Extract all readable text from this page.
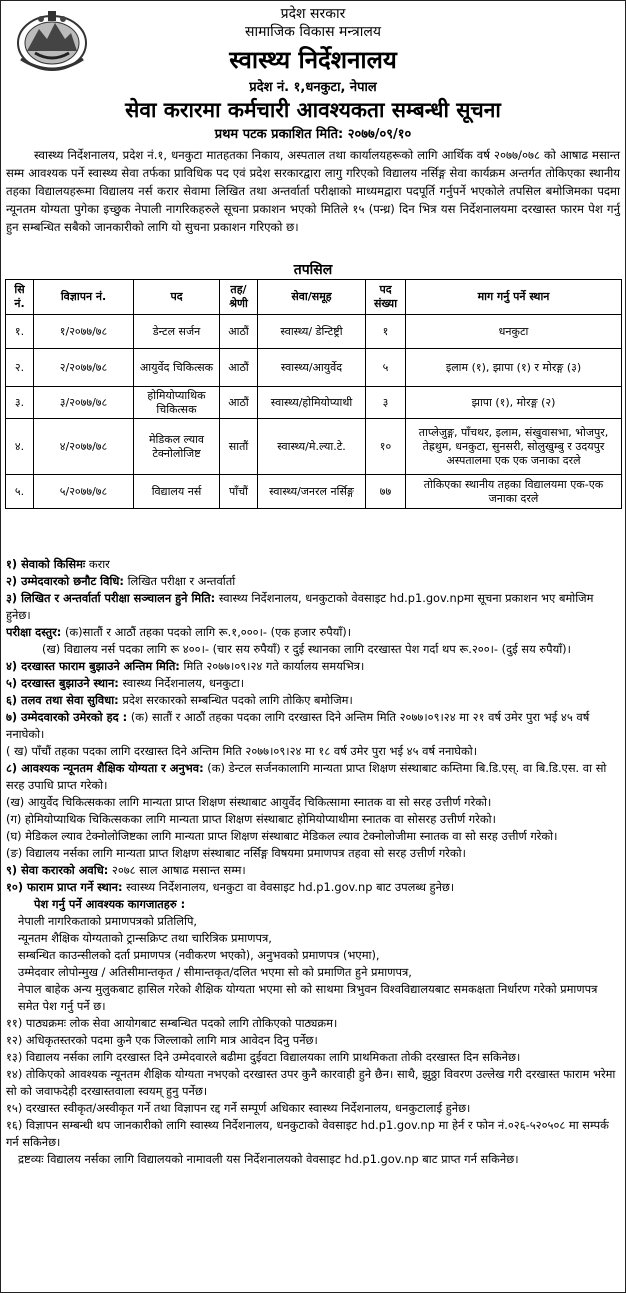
प्रदेश सरकार
सामाजिक विकास मन्त्रालय
स्वास्थ्य निर्देशनालय
प्रदेश नं. १,धनकुटा, नेपाल
सेवा करारमा कर्मचारी आवश्यकता सम्बन्धी सूचना
प्रथम पटक प्रकाशित मिति: २०७७/०९/१०
स्वास्थ्य निर्देशनालय, प्रदेश नं.१, धनकुटा मातहतका निकाय, अस्पताल तथा कार्यालयहरूको लागि आर्थिक वर्ष २०७७/०७८ को आषाढ मसान्त सम्म आवश्यक पर्ने स्वास्थ्य सेवा तर्फका प्राविधिक पद एवं प्रदेश सरकारद्वारा लागु गरिएको विद्यालय नर्सिङ्ग सेवा कार्यक्रम अन्तर्गत तोकिएका स्थानीय तहका विद्यालयहरूमा विद्यालय नर्स करार सेवामा लिखित तथा अन्तर्वार्ता परीक्षाको माध्यमद्वारा पदपूर्ति गर्नुपर्ने भएकोले तपसिल बमोजिमका पदमा न्यूनतम योग्यता पुगेका इच्छुक नेपाली नागरिकहरुले सूचना प्रकाशन भएको मितिले १५ (पन्ध्र) दिन भित्र यस निर्देशनालयमा दरखास्त फारम पेश गर्नु हुन सम्बन्धित सबैको जानकारीको लागि यो सुचना प्रकाशन गरिएको छ।
तपसिल
सि नं.	विज्ञापन नं.	पद	तह/ श्रेणी	सेवा/समूह	पद संख्या	माग गर्नु पर्ने स्थान
१.	१/२०७७/७८	डेन्टल सर्जन	आठौं	स्वास्थ्य/ डेन्टिष्ट्री	१	धनकुटा
२.	२/२०७७/७८	आयुर्वेद चिकित्सक	आठौं	स्वास्थ्य/आयुर्वेद	५	इलाम (१), झापा (१) र मोरङ्ग (३)
३.	३/२०७७/७८	होमियोप्याथिक चिकित्सक	आठौं	स्वास्थ्य/होमियोप्याथी	३	झापा (१), मोरङ्ग (२)
४.	४/२०७७/७८	मेडिकल ल्याव टेक्नोलोजिष्ट	सातौं	स्वास्थ्य/मे.ल्या.टे.	१०	ताप्लेजुङ्ग, पाँचथर, इलाम, संखुवासभा, भोजपुर, तेह्रथुम, धनकुटा, सुनसरी, सोलुखुम्बु र उदयपुर अस्पतालमा एक एक जनाका दरले
५.	५/२०७७/७८	विद्यालय नर्स	पाँचौं	स्वास्थ्य/जनरल नर्सिङ्ग	७७	तोकिएका स्थानीय तहका विद्यालयमा एक-एक जनाका दरले
१) सेवाको किसिमः करार
२) उम्मेदवारको छनौट विधि: लिखित परीक्षा र अन्तर्वार्ता
३) लिखित र अन्तर्वार्ता परीक्षा सञ्चालन हुने मिति: स्वास्थ्य निर्देशनालय, धनकुटाको वेवसाइट hd.p1.gov.npमा सूचना प्रकाशन भए बमोजिम हुनेछ।
परीक्षा दस्तुर: (क)सातौं र आठौं तहका पदको लागि रू.१,०००।- (एक हजार रुपैयाँ)।
(ख) विद्यालय नर्स पदका लागि रू ४००।- (चार सय रुपैयाँ) र दुई स्थानका लागि दरखास्त पेश गर्दा थप रू.२००।- (दुई सय रुपैयाँ)।
४) दरखास्त फाराम बुझाउने अन्तिम मिति: मिति २०७७।०९।२४ गते कार्यालय समयभित्र।
५) दरखास्त बुझाउने स्थान: स्वास्थ्य निर्देशनालय, धनकुटा।
६) तलव तथा सेवा सुविधा: प्रदेश सरकारको सम्बन्धित पदको लागि तोकिए बमोजिम।
७) उम्मेदवारको उमेरको हद : (क) सातौं र आठौं तहका पदका लागि दरखास्त दिने अन्तिम मिति २०७७।०९।२४ मा २१ वर्ष उमेर पुरा भई ४५ वर्ष ननाघेको।
( ख) पाँचौं तहका पदका लागि दरखास्त दिने अन्तिम मिति २०७७।०९।२४ मा १८ वर्ष उमेर पुरा भई ४५ वर्ष ननाघेको।
८) आवश्यक न्यूनतम शैक्षिक योग्यता र अनुभव: (क) डेन्टल सर्जनकालागि मान्यता प्राप्त शिक्षण संस्थाबाट कम्तिमा बि.डि.एस्. वा बि.डि.एस. वा सो सरह उपाधि प्राप्त गरेको।
(ख) आयुर्वेद चिकित्सकका लागि मान्यता प्राप्त शिक्षण संस्थाबाट आयुर्वेद चिकित्सामा स्नातक वा सो सरह उत्तीर्ण गरेको।
(ग) होमियोप्याथिक चिकित्सकका लागि मान्यता प्राप्त शिक्षण संस्थाबाट होमियोप्याथीमा स्नातक वा सोसरह उत्तीर्ण गरेको।
(घ) मेडिकल ल्याव टेक्नोलोजिष्टका लागि मान्यता प्राप्त शिक्षण संस्थाबाट मेडिकल ल्याव टेक्नोलोजीमा स्नातक वा सो सरह उत्तीर्ण गरेको।
(ङ) विद्यालय नर्सका लागि मान्यता प्राप्त शिक्षण संस्थाबाट नर्सिङ्ग विषयमा प्रमाणपत्र तहवा सो सरह उत्तीर्ण गरेको।
९) सेवा करारको अवधि: २०७८ साल आषाढ मसान्त सम्म।
१०) फाराम प्राप्त गर्ने स्थान: स्वास्थ्य निर्देशनालय, धनकुटा वा वेवसाइट hd.p1.gov.np बाट उपलब्ध हुनेछ।
पेश गर्नु पर्ने आवश्यक कागजातहरु :
नेपाली नागरिकताको प्रमाणपत्रको प्रतिलिपि,
न्यूनतम शैक्षिक योग्यताको ट्रान्सक्रिप्ट तथा चारित्रिक प्रमाणपत्र,
सम्बन्धित काउन्सीलको दर्ता प्रमाणपत्र (नवीकरण भएको), अनुभवको प्रमाणपत्र (भएमा),
उम्मेदवार लोपोन्मुख / अतिसीमान्तकृत / सीमान्तकृत/दलित भएमा सो को प्रमाणित हुने प्रमाणपत्र,
नेपाल बाहेक अन्य मुलुकबाट हासिल गरेको शैक्षिक योग्यता भएमा सो को साथमा त्रिभुवन विश्वविद्यालयबाट समकक्षता निर्धारण गरेको प्रमाणपत्र समेत पेश गर्नु पर्ने छ।
११) पाठ्यक्रमः लोक सेवा आयोगबाट सम्बन्धित पदको लागि तोकिएको पाठ्यक्रम।
१२) अधिकृतस्तरको पदमा कुनै एक जिल्लाको लागि मात्र आवेदन दिनु पर्नेछ।
१३) विद्यालय नर्सका लागि दरखास्त दिने उम्मेदवारले बढीमा दुईवटा विद्यालयका लागि प्राथमिकता तोकी दरखास्त दिन सकिनेछ।
१४) तोकिएको आवश्यक न्यूनतम शैक्षिक योग्यता नभएको दरखास्त उपर कुनै कारवाही हुने छैन। साथै, झुठ्ठा विवरण उल्लेख गरी दरखास्त फाराम भरेमा सो को जवाफदेही दरखास्तवाला स्वयम् हुनु पर्नेछ।
१५) दरखास्त स्वीकृत/अस्वीकृत गर्ने तथा विज्ञापन रद्द गर्ने सम्पूर्ण अधिकार स्वास्थ्य निर्देशनालय, धनकुटालाई हुनेछ।
१६) विज्ञापन सम्बन्धी थप जानकारीको लागि स्वास्थ्य निर्देशनालय, धनकुटाको वेवसाइट hd.p1.gov.np मा हेर्न र फोन नं.०२६-५२०५०८ मा सम्पर्क गर्न सकिनेछ।
द्रष्टव्यः विद्यालय नर्सका लागि विद्यालयको नामावली यस निर्देशनालयको वेवसाइट hd.p1.gov.np बाट प्राप्त गर्न सकिनेछ।
